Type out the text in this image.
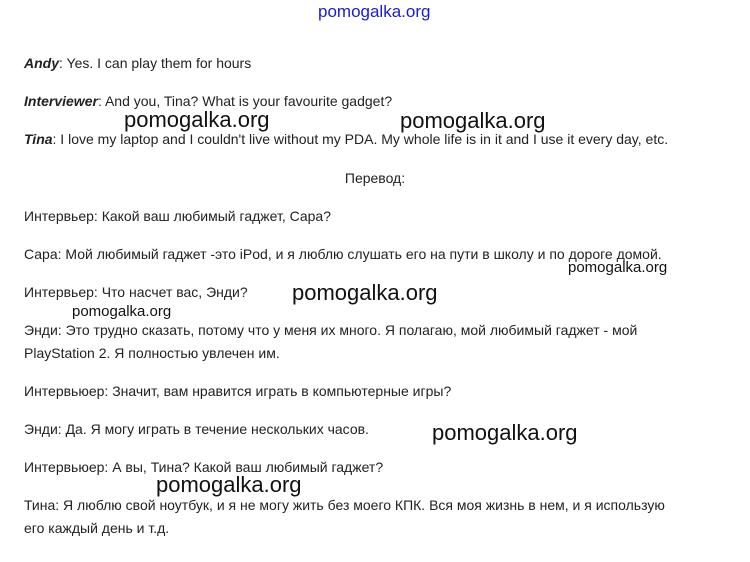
pomogalka.org
Andy: Yes. I can play them for hours
Interviewer: And you, Tina? What is your favourite gadget?
Tina: I love my laptop and I couldn't live without my PDA. My whole life is in it and I use it every day, etc.
Перевод:
Интервьер: Какой ваш любимый гаджет, Сара?
Сара: Мой любимый гаджет -это iPod, и я люблю слушать его на пути в школу и по дороге домой.
Интервьер: Что насчет вас, Энди?
Энди: Это трудно сказать, потому что у меня их много. Я полагаю, мой любимый гаджет - мой
PlayStation 2. Я полностью увлечен им.
Интервьюер: Значит, вам нравится играть в компьютерные игры?
Энди: Да. Я могу играть в течение нескольких часов.
Интервьюер: А вы, Тина? Какой ваш любимый гаджет?
Тина: Я люблю свой ноутбук, и я не могу жить без моего КПК. Вся моя жизнь в нем, и я использую
его каждый день и т.д.
pomogalka.org	pomogalka.org
pomogalka.org
pomogalka.org
pomogalka.org
pomogalka.org
pomogalka.org
